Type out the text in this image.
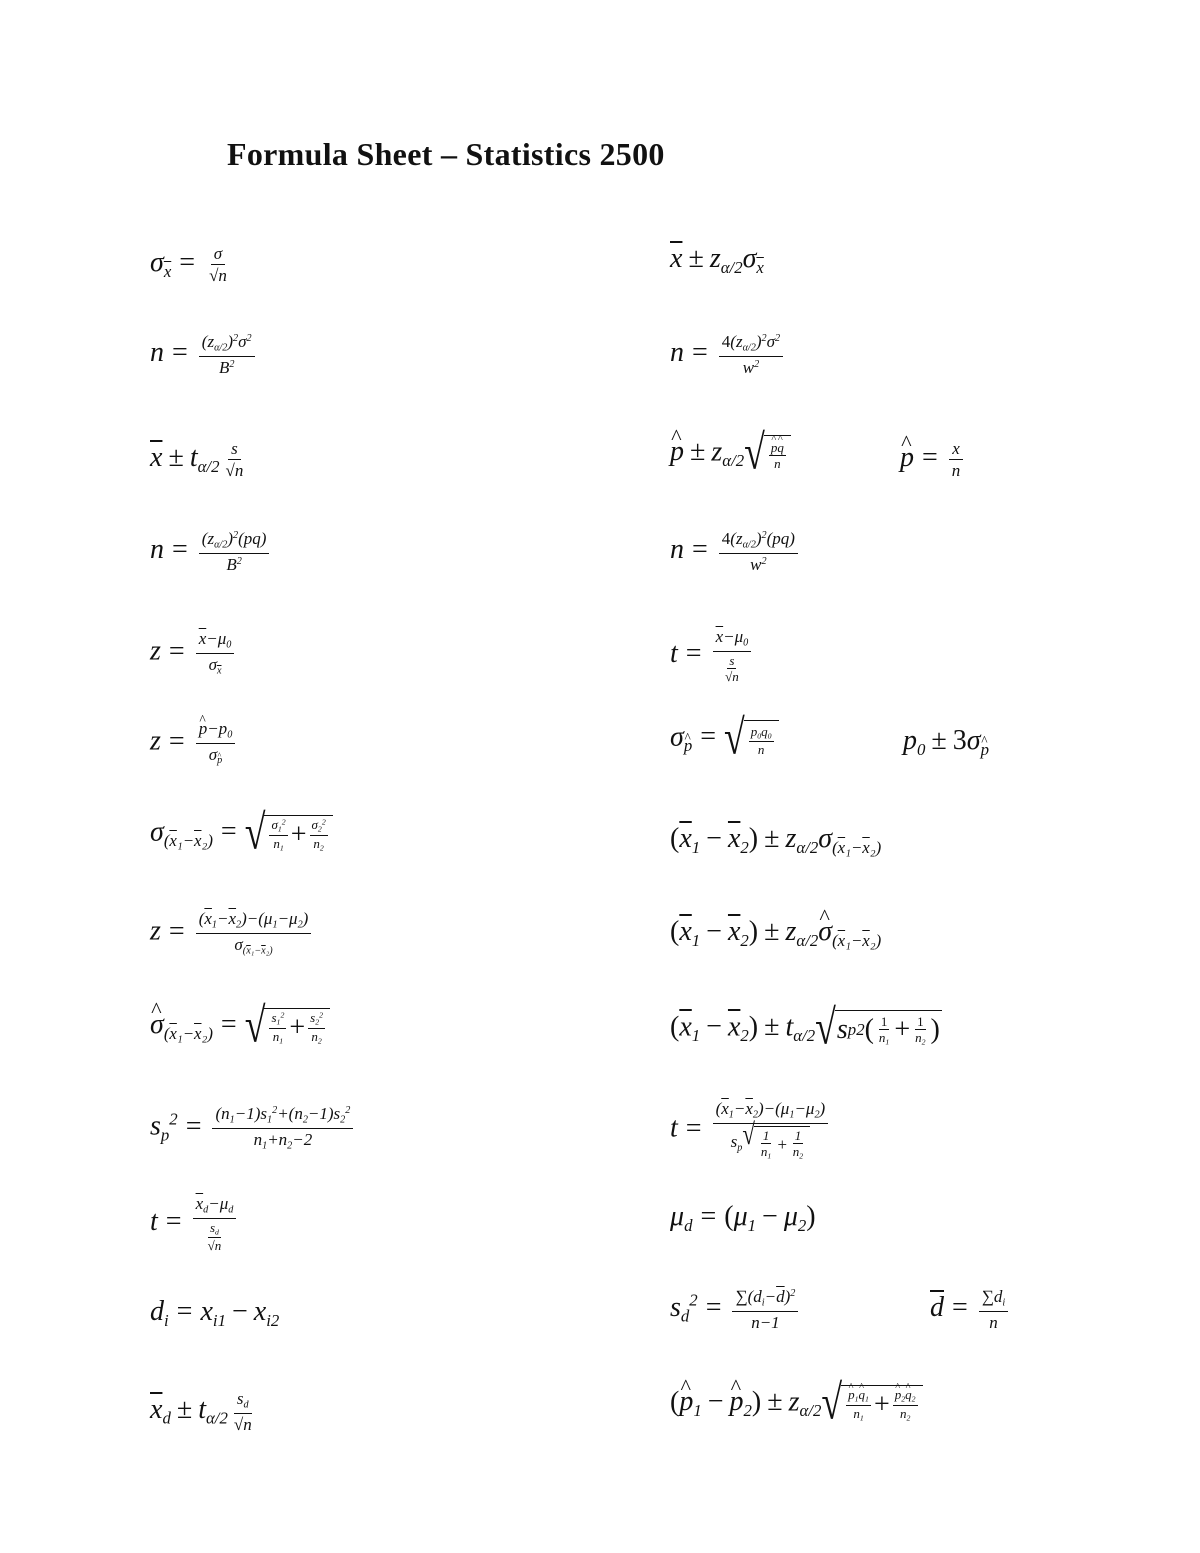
Formula Sheet – Statistics 2500
$\sigma_{\overline{x}} = \frac{\sigma}{√n}$	$\overline{x} \pm z_{\alpha/2}\sigma_{\overline{x}}$
$n = \frac{(z_{\alpha/2})^2\sigma^2}{B^2}$	$n = \frac{4(z_{\alpha/2})^2\sigma^2}{w^2}$
$\overline{x} \pm t_{\alpha/2} \frac{s}{√n}$	^ $p \pm z_{\alpha/2}$ √ ^ $\frac{p\^{} q}{n}$	^ $p = \frac{x}{n}$
$n = \frac{(z_{\alpha/2})^2(pq)}{B^2}$	$n = \frac{4(z_{\alpha/2})^2(pq)}{w^2}$
$z = \frac{\overline{x}-\mu_0}{\sigma_{\overline{x}}}$	$t = \frac{\overline{x}-\mu_0}{\frac{s}{√n}}$
z = ^ $\frac{p-p_0}{\sigma\^{} _p}$	σ^ $_p$ = √ $\frac{p_0q_0}{n}$	$p_0$ ± 3σ^ $_p$
$\sigma_{(\overline{x}_1-\overline{x}_2)}$ = √ $\frac{\sigma_1^2}{n_1} + \frac{\sigma_2^2}{n_2}$	$(\overline{x}_1 - \overline{x}_2) \pm z_{\alpha/2}\sigma_{(\overline{x}_1-\overline{x}_2)}$
$z = \frac{(\overline{x}_1-\overline{x}_2)-(\mu_1-\mu_2)}{\sigma_{(\overline{x}_1-\overline{x}_2)}}$	$(\overline{x}_1 - \overline{x}_2)$ ± $z_{\alpha/2}\^{}$ $\sigma_{(\overline{x}_1-\overline{x}_2)}$
^ $\sigma_{(\overline{x}_1-\overline{x}_2)}$ = √ $\frac{s_1^2}{n_1} + \frac{s_2^2}{n_2}$	$(\overline{x}_1 - \overline{x}_2) \pm t_{\alpha/2}$ √ s p 2 ( $\frac{1}{n_1} + \frac{1}{n_2}$ )
$s_p^2 = \frac{(n_1-1)s_1^2+(n_2-1)s_2^2}{n_1+n_2-2}$	$t = \frac{(\overline{x}_1-\overline{x}_2)-(\mu_1-\mu_2)}{s_p √ \frac{1}{n_1} + \frac{1}{n_2}}$
$t = \frac{\overline{x}_d-\mu_d}{\frac{s_d}{√n}}$	$\mu_d = (\mu_1 - \mu_2)$
$d_i = x_{i1} - x_{i2}$	$s_d^2 = \frac{\sum(d_i-\overline{d})^2}{n-1}$	$\overline{d} = \frac{\sum d_i}{n}$
$\overline{x}_d \pm t_{\alpha/2} \frac{s_d}{√n}$	(^ $p_1$ − ^ $p_2) \pm z_{\alpha/2}$ √ ^ $\frac{p_1\^{} q_1}{n_1}$ + ^ $\frac{p_2\^{} q_2}{n_2}$
